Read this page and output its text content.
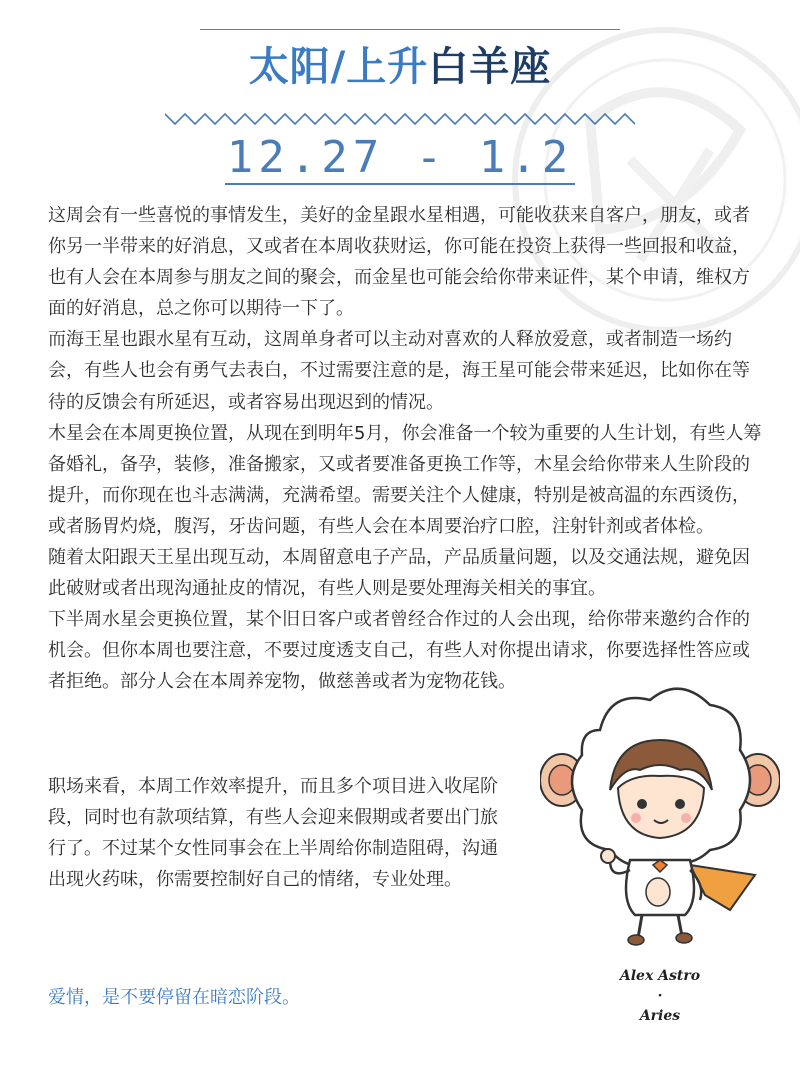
太阳/上升白羊座
12.27 - 1.2

这周会有一些喜悦的事情发生，美好的金星跟水星相遇，可能收获来自客户，朋友，或者你另一半带来的好消息，又或者在本周收获财运，你可能在投资上获得一些回报和收益，也有人会在本周参与朋友之间的聚会，而金星也可能会给你带来证件，某个申请，维权方面的好消息，总之你可以期待一下了。

而海王星也跟水星有互动，这周单身者可以主动对喜欢的人释放爱意，或者制造一场约会，有些人也会有勇气去表白，不过需要注意的是，海王星可能会带来延迟，比如你在等待的反馈会有所延迟，或者容易出现迟到的情况。

木星会在本周更换位置，从现在到明年5月，你会准备一个较为重要的人生计划，有些人筹备婚礼，备孕，装修，准备搬家，又或者要准备更换工作等，木星会给你带来人生阶段的提升，而你现在也斗志满满，充满希望。需要关注个人健康，特别是被高温的东西烫伤，或者肠胃灼烧，腹泻，牙齿问题，有些人会在本周要治疗口腔，注射针剂或者体检。

随着太阳跟天王星出现互动，本周留意电子产品，产品质量问题，以及交通法规，避免因此破财或者出现沟通扯皮的情况，有些人则是要处理海关相关的事宜。

下半周水星会更换位置，某个旧日客户或者曾经合作过的人会出现，给你带来邀约合作的机会。但你本周也要注意，不要过度透支自己，有些人对你提出请求，你要选择性答应或者拒绝。部分人会在本周养宠物，做慈善或者为宠物花钱。

职场来看，本周工作效率提升，而且多个项目进入收尾阶段，同时也有款项结算，有些人会迎来假期或者要出门旅行了。不过某个女性同事会在上半周给你制造阻碍，沟通出现火药味，你需要控制好自己的情绪，专业处理。

爱情，是不要停留在暗恋阶段。
Alex Astro
·
Aries
